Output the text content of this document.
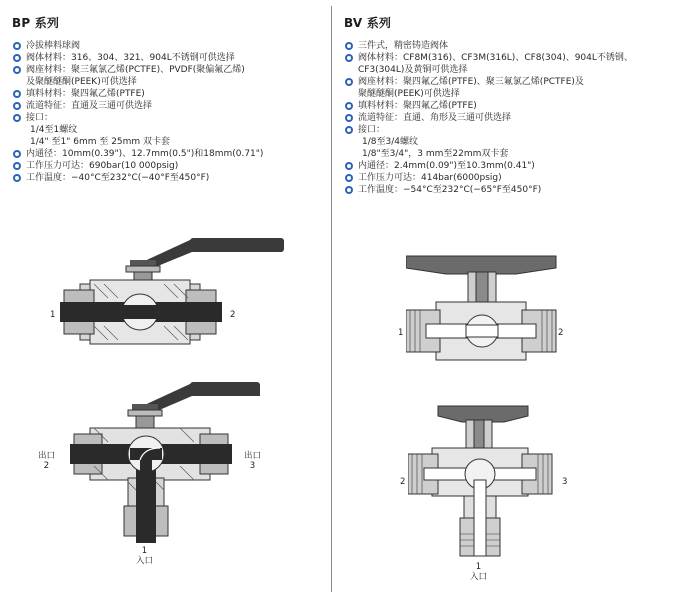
BP 系列
冷拔棒料球阀
阀体材料：316、304、321、904L不锈钢可供选择
阀座材料：聚三氟氯乙烯(PCTFE)、PVDF(聚偏氟乙烯)
及聚醚醚酮(PEEK)可供选择
填料材料：聚四氟乙烯(PTFE)
流道特征：直通及三通可供选择
接口：
1/4至1螺纹
1/4" 至1" 6mm 至 25mm 双卡套
内通径：10mm(0.39")、12.7mm(0.5")和18mm(0.71")
工作压力可达：690bar(10 000psig)
工作温度：−40°C至232°C(−40°F至450°F)
1	2
出口
2
出口
3
1
入口
BV 系列
三件式，精密铸造阀体
阀体材料：CF8M(316)、CF3M(316L)、CF8(304)、904L不锈钢、
CF3(304L)及黄铜可供选择
阀座材料：聚四氟乙烯(PTFE)、聚三氟氯乙烯(PCTFE)及
聚醚醚酮(PEEK)可供选择
填料材料：聚四氟乙烯(PTFE)
流道特征：直通、角形及三通可供选择
接口：
1/8至3/4螺纹
1/8"至3/4"，3 mm至22mm双卡套
内通径：2.4mm(0.09")至10.3mm(0.41")
工作压力可达：414bar(6000psig)
工作温度：−54°C至232°C(−65°F至450°F)
1	2
2	3
1
入口
